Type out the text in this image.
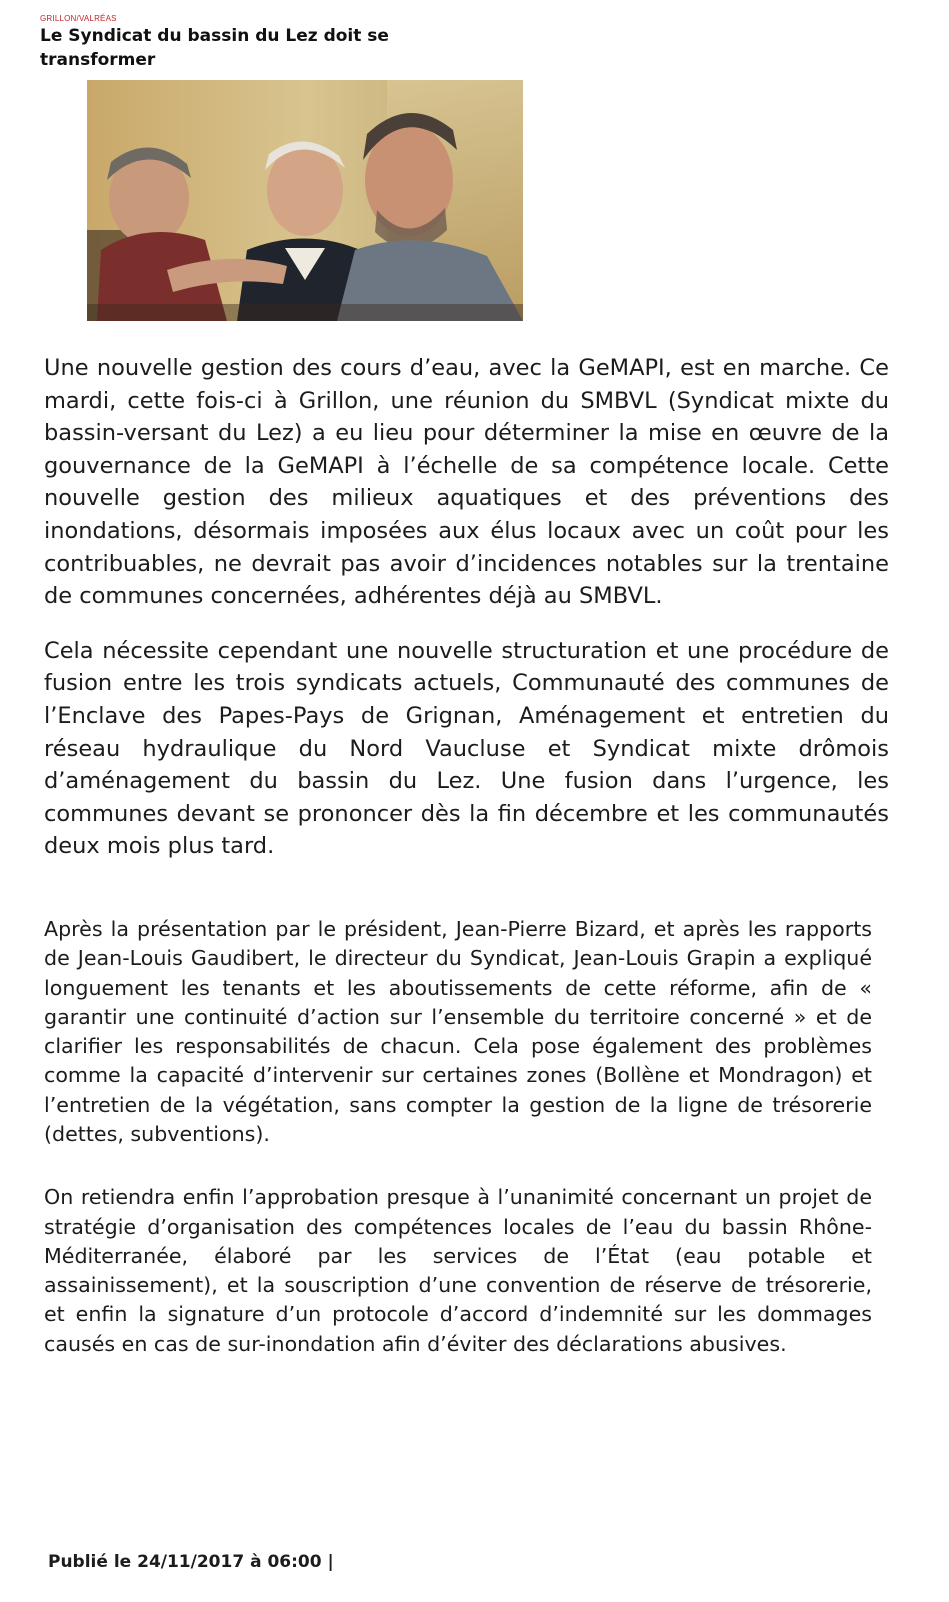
GRILLON/VALRÉAS
Le Syndicat du bassin du Lez doit se transformer

Une nouvelle gestion des cours d’eau, avec la GeMAPI, est en marche. Ce mardi, cette fois-ci à Grillon, une réunion du SMBVL (Syndicat mixte du bassin-versant du Lez) a eu lieu pour déterminer la mise en œuvre de la gouvernance de la GeMAPI à l’échelle de sa compétence locale. Cette nouvelle gestion des milieux aquatiques et des préventions des inondations, désormais imposées aux élus locaux avec un coût pour les contribuables, ne devrait pas avoir d’incidences notables sur la trentaine de communes concernées, adhérentes déjà au SMBVL.

Cela nécessite cependant une nouvelle structuration et une procédure de fusion entre les trois syndicats actuels, Communauté des communes de l’Enclave des Papes-Pays de Grignan, Aménagement et entretien du réseau hydraulique du Nord Vaucluse et Syndicat mixte drômois d’aménagement du bassin du Lez. Une fusion dans l’urgence, les communes devant se prononcer dès la fin décembre et les communautés deux mois plus tard.

Après la présentation par le président, Jean-Pierre Bizard, et après les rapports de Jean-Louis Gaudibert, le directeur du Syndicat, Jean-Louis Grapin a expliqué longuement les tenants et les aboutissements de cette réforme, afin de « garantir une continuité d’action sur l’ensemble du territoire concerné » et de clarifier les responsabilités de chacun. Cela pose également des problèmes comme la capacité d’intervenir sur certaines zones (Bollène et Mondragon) et l’entretien de la végétation, sans compter la gestion de la ligne de trésorerie (dettes, subventions).

On retiendra enfin l’approbation presque à l’unanimité concernant un projet de stratégie d’organisation des compétences locales de l’eau du bassin Rhône-Méditerranée, élaboré par les services de l’État (eau potable et assainissement), et la souscription d’une convention de réserve de trésorerie, et enfin la signature d’un protocole d’accord d’indemnité sur les dommages causés en cas de sur-inondation afin d’éviter des déclarations abusives.

Publié le 24/11/2017 à 06:00 |
